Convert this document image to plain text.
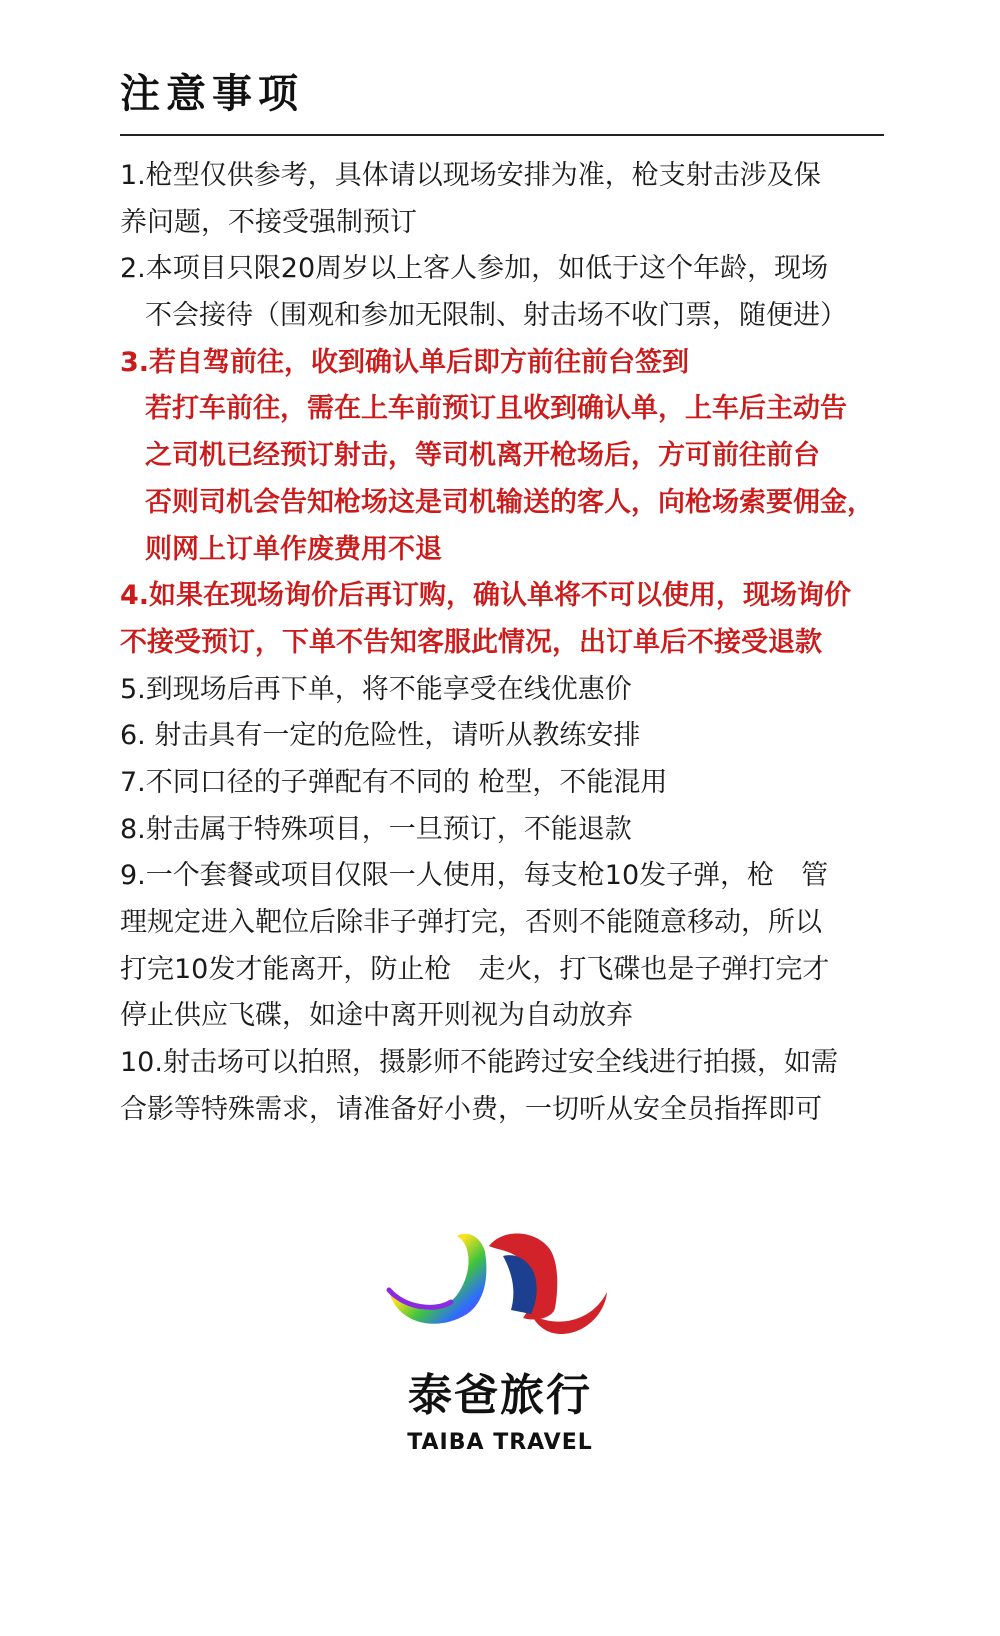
注意事项
1.枪型仅供参考，具体请以现场安排为准，枪支射击涉及保
养问题，不接受强制预订
2.本项目只限20周岁以上客人参加，如低于这个年龄，现场
不会接待（围观和参加无限制、射击场不收门票，随便进）
3.若自驾前往，收到确认单后即方前往前台签到
若打车前往，需在上车前预订且收到确认单，上车后主动告
之司机已经预订射击，等司机离开枪场后，方可前往前台
否则司机会告知枪场这是司机输送的客人，向枪场索要佣金，
则网上订单作废费用不退
4.如果在现场询价后再订购，确认单将不可以使用，现场询价
不接受预订，下单不告知客服此情况，出订单后不接受退款
5.到现场后再下单，将不能享受在线优惠价
6. 射击具有一定的危险性，请听从教练安排
7.不同口径的子弹配有不同的 枪型，不能混用
8.射击属于特殊项目，一旦预订，不能退款
9.一个套餐或项目仅限一人使用，每支枪10发子弹，枪　管
理规定进入靶位后除非子弹打完，否则不能随意移动，所以
打完10发才能离开，防止枪　走火，打飞碟也是子弹打完才
停止供应飞碟，如途中离开则视为自动放弃
10.射击场可以拍照，摄影师不能跨过安全线进行拍摄，如需
合影等特殊需求，请准备好小费，一切听从安全员指挥即可
泰爸旅行
TAIBA TRAVEL
